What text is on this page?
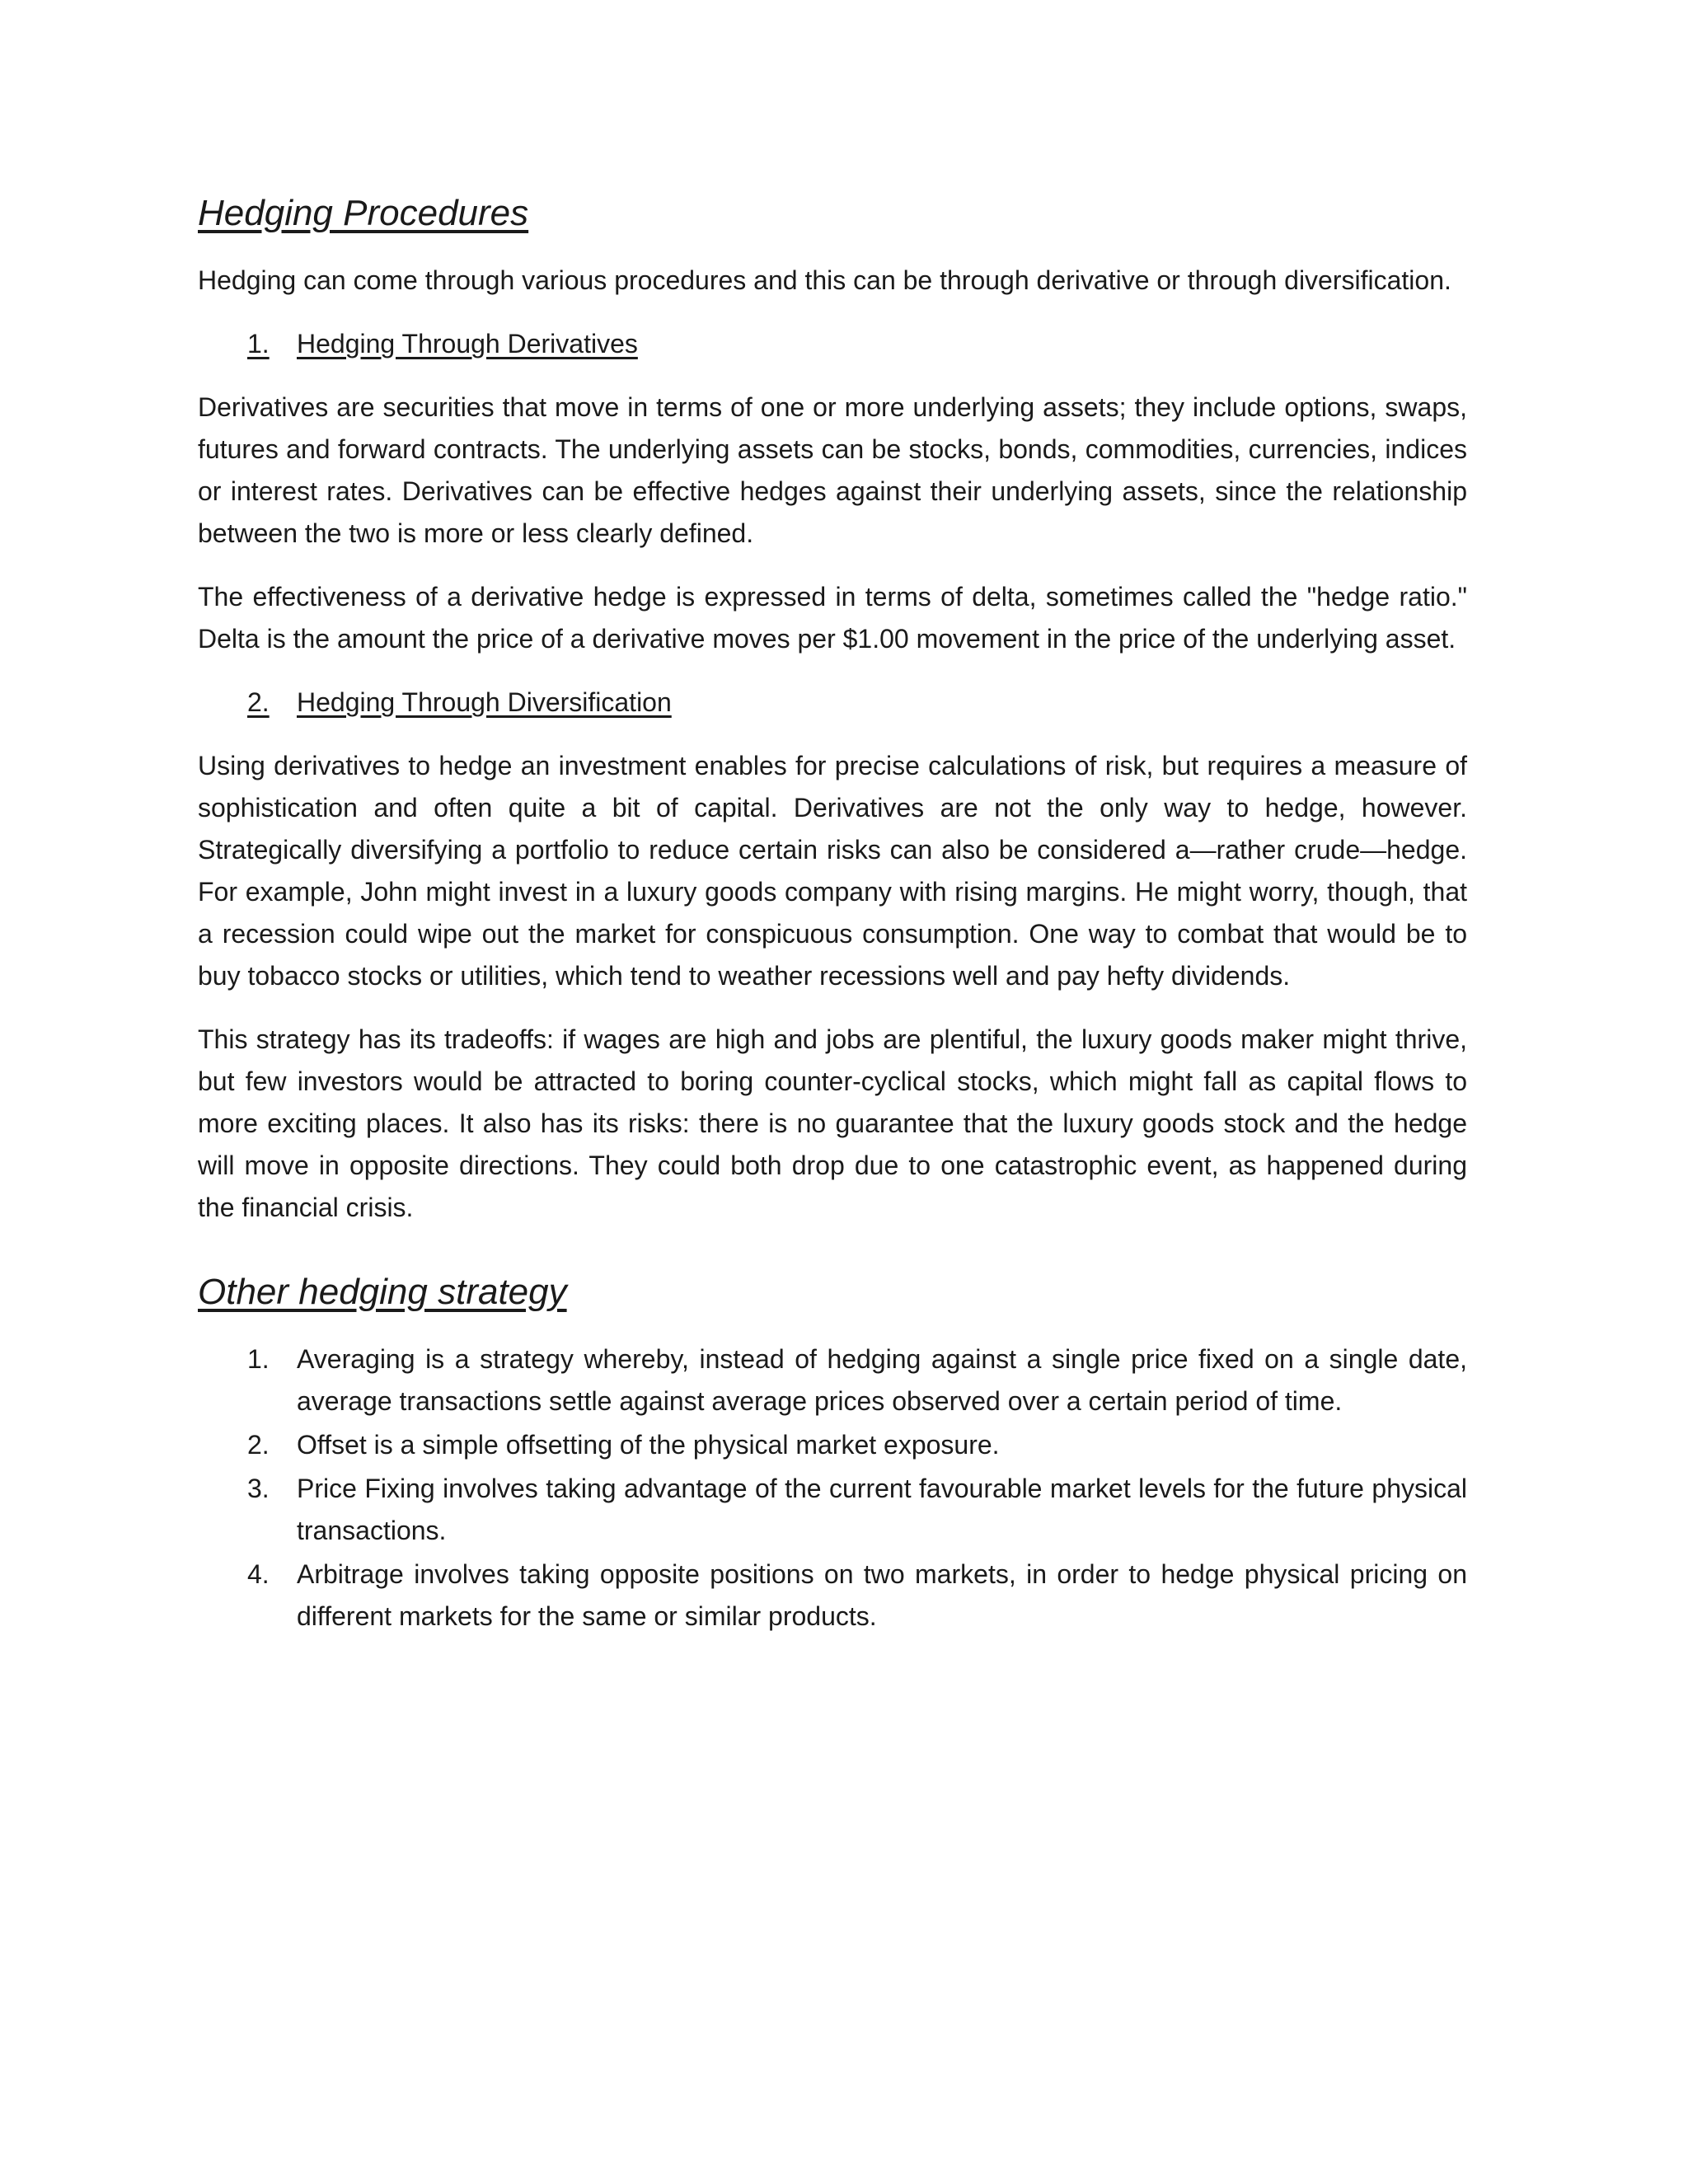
Hedging Procedures

Hedging can come through various procedures and this can be through derivative or through diversification.

1.	Hedging Through Derivatives

Derivatives are securities that move in terms of one or more underlying assets; they include options, swaps, futures and forward contracts. The underlying assets can be stocks, bonds, commodities, currencies, indices or interest rates. Derivatives can be effective hedges against their underlying assets, since the relationship between the two is more or less clearly defined.

The effectiveness of a derivative hedge is expressed in terms of delta, sometimes called the "hedge ratio." Delta is the amount the price of a derivative moves per $1.00 movement in the price of the underlying asset.

2.	Hedging Through Diversification

Using derivatives to hedge an investment enables for precise calculations of risk, but requires a measure of sophistication and often quite a bit of capital. Derivatives are not the only way to hedge, however. Strategically diversifying a portfolio to reduce certain risks can also be considered a—rather crude—hedge. For example, John might invest in a luxury goods company with rising margins. He might worry, though, that a recession could wipe out the market for conspicuous consumption. One way to combat that would be to buy tobacco stocks or utilities, which tend to weather recessions well and pay hefty dividends.

This strategy has its tradeoffs: if wages are high and jobs are plentiful, the luxury goods maker might thrive, but few investors would be attracted to boring counter-cyclical stocks, which might fall as capital flows to more exciting places. It also has its risks: there is no guarantee that the luxury goods stock and the hedge will move in opposite directions. They could both drop due to one catastrophic event, as happened during the financial crisis.

Other hedging strategy
1.	Averaging is a strategy whereby, instead of hedging against a single price fixed on a single date, average transactions settle against average prices observed over a certain period of time.
2.	Offset is a simple offsetting of the physical market exposure.
3.	Price Fixing involves taking advantage of the current favourable market levels for the future physical transactions.
4.	Arbitrage involves taking opposite positions on two markets, in order to hedge physical pricing on different markets for the same or similar products.
